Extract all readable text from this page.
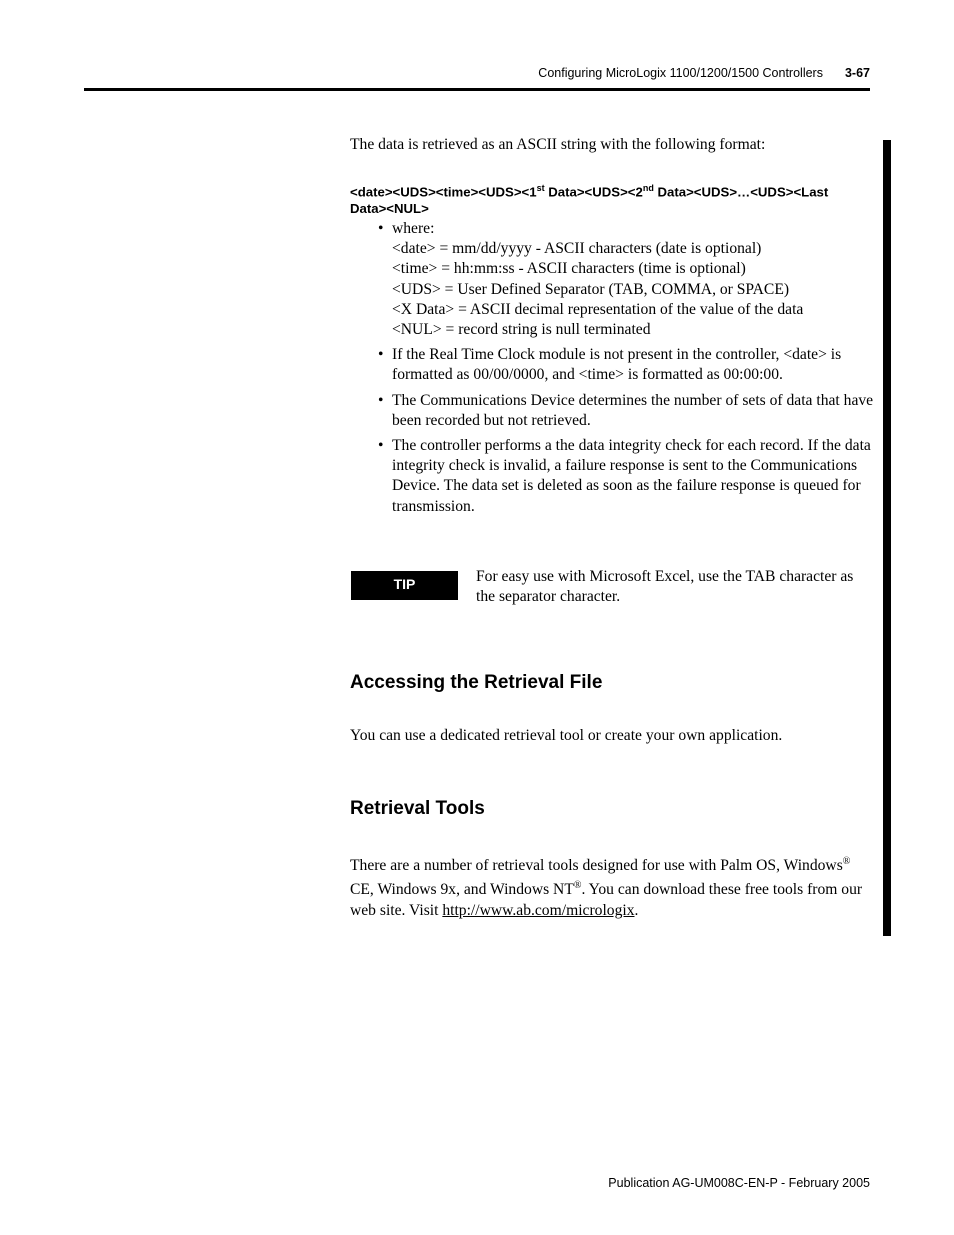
Configuring MicroLogix 1100/1200/1500 Controllers 3-67
The data is retrieved as an ASCII string with the following format:
<date><UDS><time><UDS><1st Data><UDS><2nd Data><UDS>…<UDS><Last
Data><NUL>
• where:
<date> = mm/dd/yyyy - ASCII characters (date is optional)
<time> = hh:mm:ss - ASCII characters (time is optional)
<UDS> = User Defined Separator (TAB, COMMA, or SPACE)
<X Data> = ASCII decimal representation of the value of the data
<NUL> = record string is null terminated
• If the Real Time Clock module is not present in the controller, <date> is formatted as 00/00/0000, and <time> is formatted as 00:00:00.
• The Communications Device determines the number of sets of data that have been recorded but not retrieved.
• The controller performs a the data integrity check for each record. If the data integrity check is invalid, a failure response is sent to the Communications Device. The data set is deleted as soon as the failure response is queued for transmission.
TIP	For easy use with Microsoft Excel, use the TAB character as the separator character.
Accessing the Retrieval File
You can use a dedicated retrieval tool or create your own application.
Retrieval Tools
There are a number of retrieval tools designed for use with Palm OS, Windows® CE, Windows 9x, and Windows NT®. You can download these free tools from our web site. Visit http://www.ab.com/micrologix.
Publication AG-UM008C-EN-P - February 2005
